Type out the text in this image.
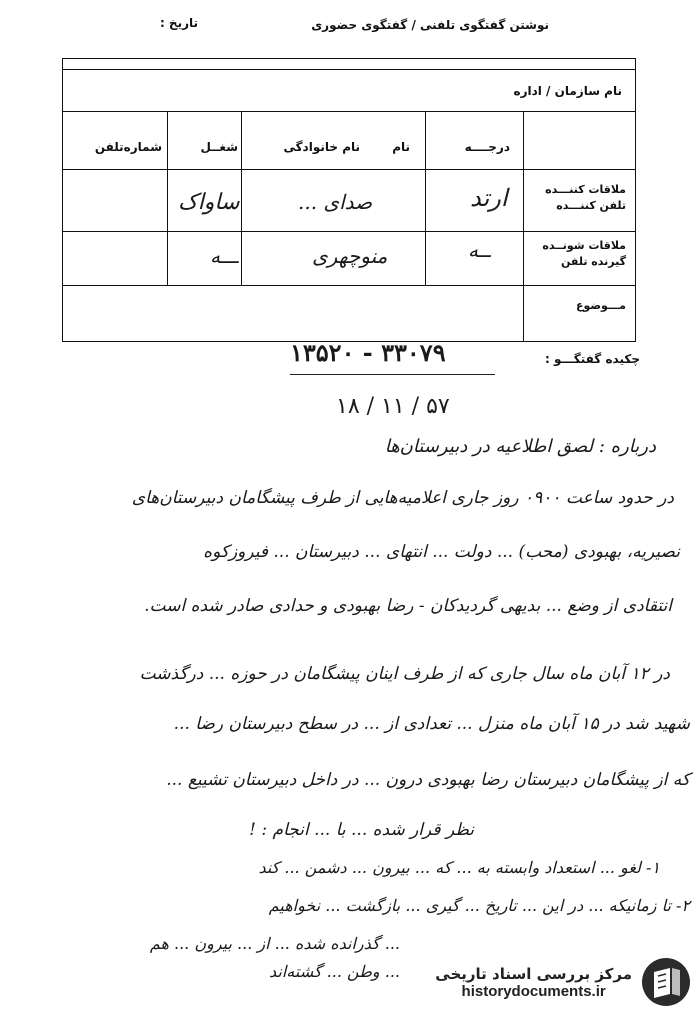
نوشتن گفتگوی تلفنی / گفتگوی حضوری
تاریخ :
نام سازمان / اداره
درجــــه
نام
نام خانوادگی
شغــل
شماره‌تلفن
ملاقات کننـــده
تلفن کننـــده
ارتد
صدای ...
ساواک
ملاقات شونــده
گیرنده تلفن
ــه
منوچهری
ـــه
مـــوضوع
چکیده گفتگـــو :
۱۳۵۲۰ - ۳۳۰۷۹
۱۸ / ۱۱ / ۵۷
درباره : لصق اطلاعیه در دبیرستان‌ها
در حدود ساعت ۰۹۰۰ روز جاری اعلامیه‌هایی از طرف پیشگامان دبیرستان‌های
نصیریه، بهبودی (محب) ... دولت ... انتهای ... دبیرستان ... فیروزکوه
انتقادی از وضع ... بدیهی گردیدکان - رضا بهبودی و حدادی صادر شده است.
در ۱۲ آبان ماه سال جاری که از طرف اینان پیشگامان در حوزه ... درگذشت
شهید شد در ۱۵ آبان ماه منزل ... تعدادی از ... در سطح دبیرستان رضا ...
که از پیشگامان دبیرستان رضا بهبودی درون ... در داخل دبیرستان تشییع ...
نظر قرار شده ... با ... انجام : !
۱- لغو ... استعداد وابسته به ... که ... بیرون ... دشمن ... کند
۲- تا زمانیکه ... در این ... تاریخ ... گیری ... بازگشت ... نخواهیم
... گذرانده شده ... از ... بیرون ... هم
... وطن ... گشته‌اند مرکز بررسی اسناد تاریخی
historydocuments.ir
